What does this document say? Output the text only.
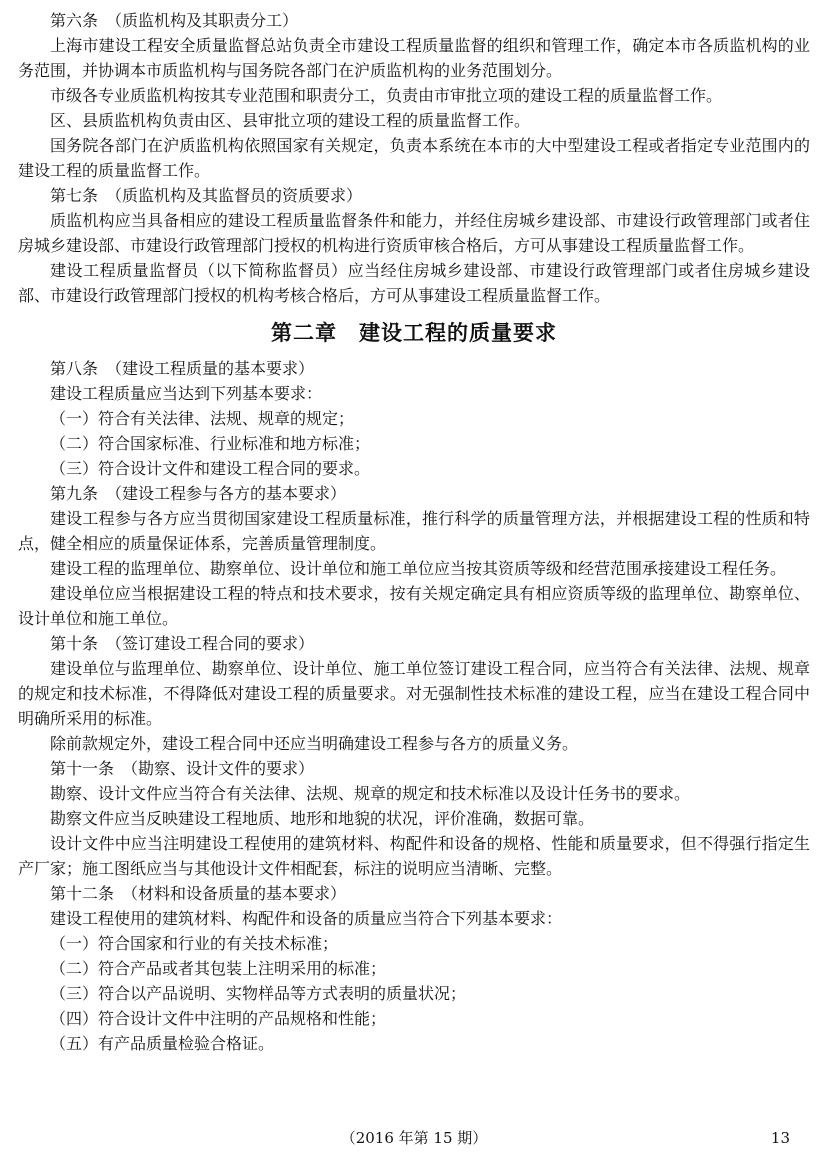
第六条　（质监机构及其职责分工）

上海市建设工程安全质量监督总站负责全市建设工程质量监督的组织和管理工作，确定本市各质监机构的业务范围，并协调本市质监机构与国务院各部门在沪质监机构的业务范围划分。

市级各专业质监机构按其专业范围和职责分工，负责由市审批立项的建设工程的质量监督工作。

区、县质监机构负责由区、县审批立项的建设工程的质量监督工作。

国务院各部门在沪质监机构依照国家有关规定，负责本系统在本市的大中型建设工程或者指定专业范围内的建设工程的质量监督工作。

第七条　（质监机构及其监督员的资质要求）

质监机构应当具备相应的建设工程质量监督条件和能力，并经住房城乡建设部、市建设行政管理部门或者住房城乡建设部、市建设行政管理部门授权的机构进行资质审核合格后，方可从事建设工程质量监督工作。

建设工程质量监督员（以下简称监督员）应当经住房城乡建设部、市建设行政管理部门或者住房城乡建设部、市建设行政管理部门授权的机构考核合格后，方可从事建设工程质量监督工作。

第二章　建设工程的质量要求

第八条　（建设工程质量的基本要求）

建设工程质量应当达到下列基本要求：

（一）符合有关法律、法规、规章的规定；

（二）符合国家标准、行业标准和地方标准；

（三）符合设计文件和建设工程合同的要求。

第九条　（建设工程参与各方的基本要求）

建设工程参与各方应当贯彻国家建设工程质量标准，推行科学的质量管理方法，并根据建设工程的性质和特点，健全相应的质量保证体系，完善质量管理制度。

建设工程的监理单位、勘察单位、设计单位和施工单位应当按其资质等级和经营范围承接建设工程任务。

建设单位应当根据建设工程的特点和技术要求，按有关规定确定具有相应资质等级的监理单位、勘察单位、设计单位和施工单位。

第十条　（签订建设工程合同的要求）

建设单位与监理单位、勘察单位、设计单位、施工单位签订建设工程合同，应当符合有关法律、法规、规章的规定和技术标准，不得降低对建设工程的质量要求。对无强制性技术标准的建设工程，应当在建设工程合同中明确所采用的标准。

除前款规定外，建设工程合同中还应当明确建设工程参与各方的质量义务。

第十一条　（勘察、设计文件的要求）

勘察、设计文件应当符合有关法律、法规、规章的规定和技术标准以及设计任务书的要求。

勘察文件应当反映建设工程地质、地形和地貌的状况，评价准确，数据可靠。

设计文件中应当注明建设工程使用的建筑材料、构配件和设备的规格、性能和质量要求，但不得强行指定生产厂家；施工图纸应当与其他设计文件相配套，标注的说明应当清晰、完整。

第十二条　（材料和设备质量的基本要求）

建设工程使用的建筑材料、构配件和设备的质量应当符合下列基本要求：

（一）符合国家和行业的有关技术标准；

（二）符合产品或者其包装上注明采用的标准；

（三）符合以产品说明、实物样品等方式表明的质量状况；

（四）符合设计文件中注明的产品规格和性能；

（五）有产品质量检验合格证。

（2016 年第 15 期）	13
